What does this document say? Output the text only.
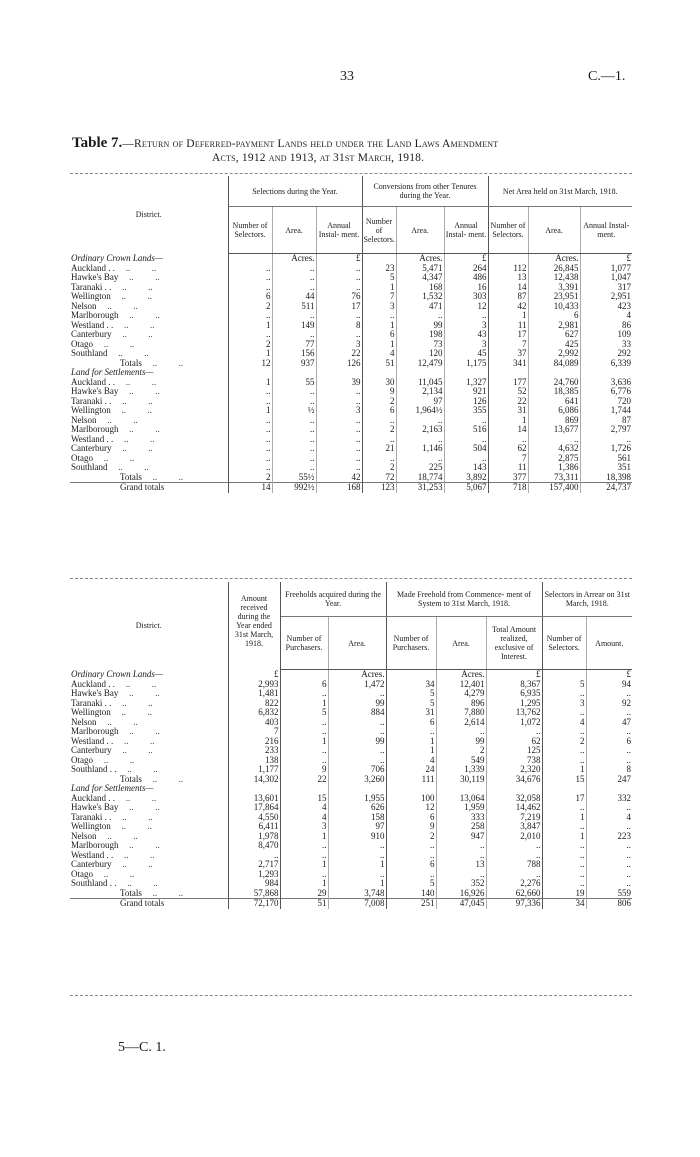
33	C.—1.
Table 7.—Return of Deferred-payment Lands held under the Land Laws Amendment
Acts, 1912 and 1913, at 31st March, 1918.
District.	Selections during the Year.			Conversions from other Tenures during the Year.			Net Area held on 31st March, 1918.		
	Number of Selectors.	Area.	Annual Instal- ment.	Number of Selectors.	Area.	Annual Instal- ment.	Number of Selectors.	Area.	Annual Instal- ment.
Ordinary Crown Lands—		Acres.	£		Acres.	£		Acres.	£
Auckland . . .. ..	..	..	..	23	5,471	264	112	26,845	1,077
Hawke's Bay .. ..	..	..	..	5	4,347	486	13	12,438	1,047
Taranaki . . .. ..	..	..	..	1	168	16	14	3,391	317
Wellington .. ..	6	44	76	7	1,532	303	87	23,951	2,951
Nelson .. ..	2	511	17	3	471	12	42	10,433	423
Marlborough .. ..	..	..	..	..	..	..	1	6	4
Westland . . .. ..	1	149	8	1	99	3	11	2,981	86
Canterbury .. ..	..	..	..	6	198	43	17	627	109
Otago .. ..	2	77	3	1	73	3	7	425	33
Southland .. ..	1	156	22	4	120	45	37	2,992	292
Totals .. ..	12	937	126	51	12,479	1,175	341	84,089	6,339
Land for Settlements—									
Auckland . . .. ..	1	55	39	30	11,045	1,327	177	24,760	3,636
Hawke's Bay .. ..	..	..	..	9	2,134	921	52	18,385	6,776
Taranaki . . .. ..	..	..	..	2	97	126	22	641	720
Wellington .. ..	1	½	3	6	1,964½	355	31	6,086	1,744
Nelson .. ..	..	..	..	..	..	..	1	869	87
Marlborough .. ..	..	..	..	2	2,163	516	14	13,677	2,797
Westland . . .. ..	..	..	..	..	..	..	..	..	..
Canterbury .. ..	..	..	..	21	1,146	504	62	4,632	1,726
Otago .. ..	..	..	..	..	..	..	7	2,875	561
Southland .. ..	..	..	..	2	225	143	11	1,386	351
Totals .. ..	2	55½	42	72	18,774	3,892	377	73,311	18,398
Grand totals	14	992½	168	123	31,253	5,067	718	157,400	24,737
District.	Amount received during the Year ended 31st March, 1918.	Freeholds acquired during the Year.		Made Freehold from Commence- ment of System to 31st March, 1918.			Selectors in Arrear on 31st March, 1918.	
		Number of Purchasers.	Area.	Number of Purchasers.	Area.	Total Amount realized, exclusive of Interest.	Number of Selectors.	Amount.
Ordinary Crown Lands—	£		Acres.		Acres.	£		£
Auckland . . .. ..	2,993	6	1,472	34	12,401	8,367	5	94
Hawke's Bay .. ..	1,481	..	..	5	4,279	6,935	..	..
Taranaki . . .. ..	822	1	99	5	896	1,295	3	92
Wellington .. ..	6,832	5	884	31	7,880	13,762	..	..
Nelson .. ..	403	..	..	6	2,614	1,072	4	47
Marlborough .. ..	7	..	..	..	..	..	..	..
Westland . . .. ..	216	1	99	1	99	62	2	6
Canterbury .. ..	233	..	..	1	2	125	..	..
Otago .. ..	138	..	..	4	549	738	..	..
Southland . . .. ..	1,177	9	706	24	1,339	2,320	1	8
Totals .. ..	14,302	22	3,260	111	30,119	34,676	15	247
Land for Settlements—								
Auckland . . .. ..	13,601	15	1,955	100	13,064	32,058	17	332
Hawke's Bay .. ..	17,864	4	626	12	1,959	14,462	..	..
Taranaki . . .. ..	4,550	4	158	6	333	7,219	1	4
Wellington .. ..	6,411	3	97	9	258	3,847	..	..
Nelson .. ..	1,978	1	910	2	947	2,010	1	223
Marlborough .. ..	8,470	..	..	..	..	..	..	..
Westland . . .. ..	..	..	..	..	..	..	..	..
Canterbury .. ..	2,717	1	1	6	13	788	..	..
Otago .. ..	1,293	..	..	..	..	..	..	..
Southland . . .. ..	984	1	1	5	352	2,276	..	..
Totals .. ..	57,868	29	3,748	140	16,926	62,660	19	559
Grand totals	72,170	51	7,008	251	47,045	97,336	34	806
5—C. 1.
